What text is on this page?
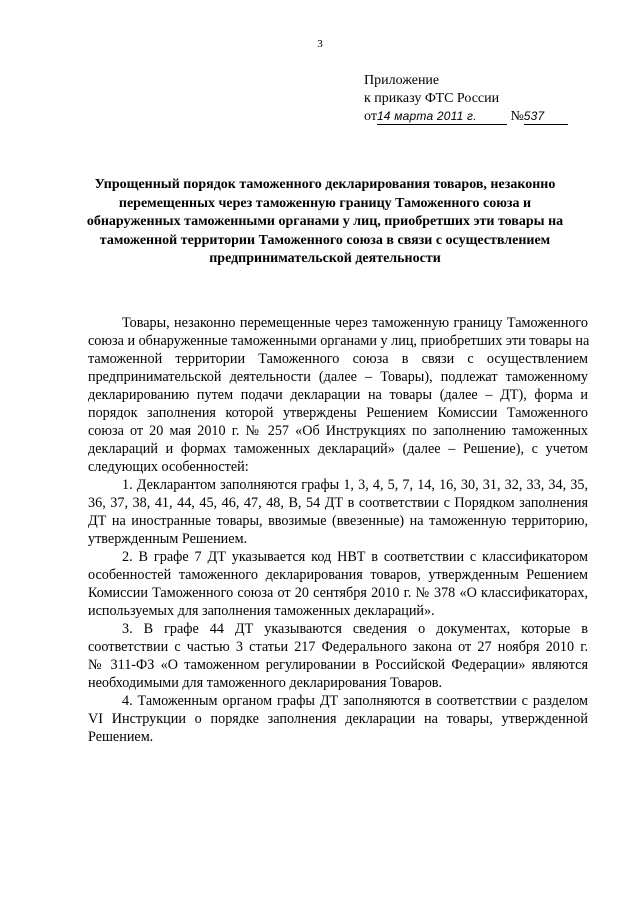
3
Приложение
к приказу ФТС России
от14 марта 2011 г. №537
Упрощенный порядок таможенного декларирования товаров, незаконно
перемещенных через таможенную границу Таможенного союза и
обнаруженных таможенными органами у лиц, приобретших эти товары на
таможенной территории Таможенного союза в связи с осуществлением
предпринимательской деятельности
Товары, незаконно перемещенные через таможенную границу Таможенного
союза и обнаруженные таможенными органами у лиц, приобретших эти товары на
таможенной территории Таможенного союза в связи с осуществлением
предпринимательской деятельности (далее – Товары), подлежат таможенному
декларированию путем подачи декларации на товары (далее – ДТ), форма и
порядок заполнения которой утверждены Решением Комиссии Таможенного
союза от 20 мая 2010 г. № 257 «Об Инструкциях по заполнению таможенных
деклараций и формах таможенных деклараций» (далее – Решение), с учетом
следующих особенностей:
1. Декларантом заполняются графы 1, 3, 4, 5, 7, 14, 16, 30, 31, 32, 33, 34, 35,
36, 37, 38, 41, 44, 45, 46, 47, 48, В, 54 ДТ в соответствии с Порядком заполнения
ДТ на иностранные товары, ввозимые (ввезенные) на таможенную территорию,
утвержденным Решением.
2. В графе 7 ДТ указывается код НВТ в соответствии с классификатором
особенностей таможенного декларирования товаров, утвержденным Решением
Комиссии Таможенного союза от 20 сентября 2010 г. № 378 «О классификаторах,
используемых для заполнения таможенных деклараций».
3. В графе 44 ДТ указываются сведения о документах, которые в
соответствии с частью 3 статьи 217 Федерального закона от 27 ноября 2010 г.
№ 311-ФЗ «О таможенном регулировании в Российской Федерации» являются
необходимыми для таможенного декларирования Товаров.
4. Таможенным органом графы ДТ заполняются в соответствии с разделом
VI Инструкции о порядке заполнения декларации на товары, утвержденной
Решением.
